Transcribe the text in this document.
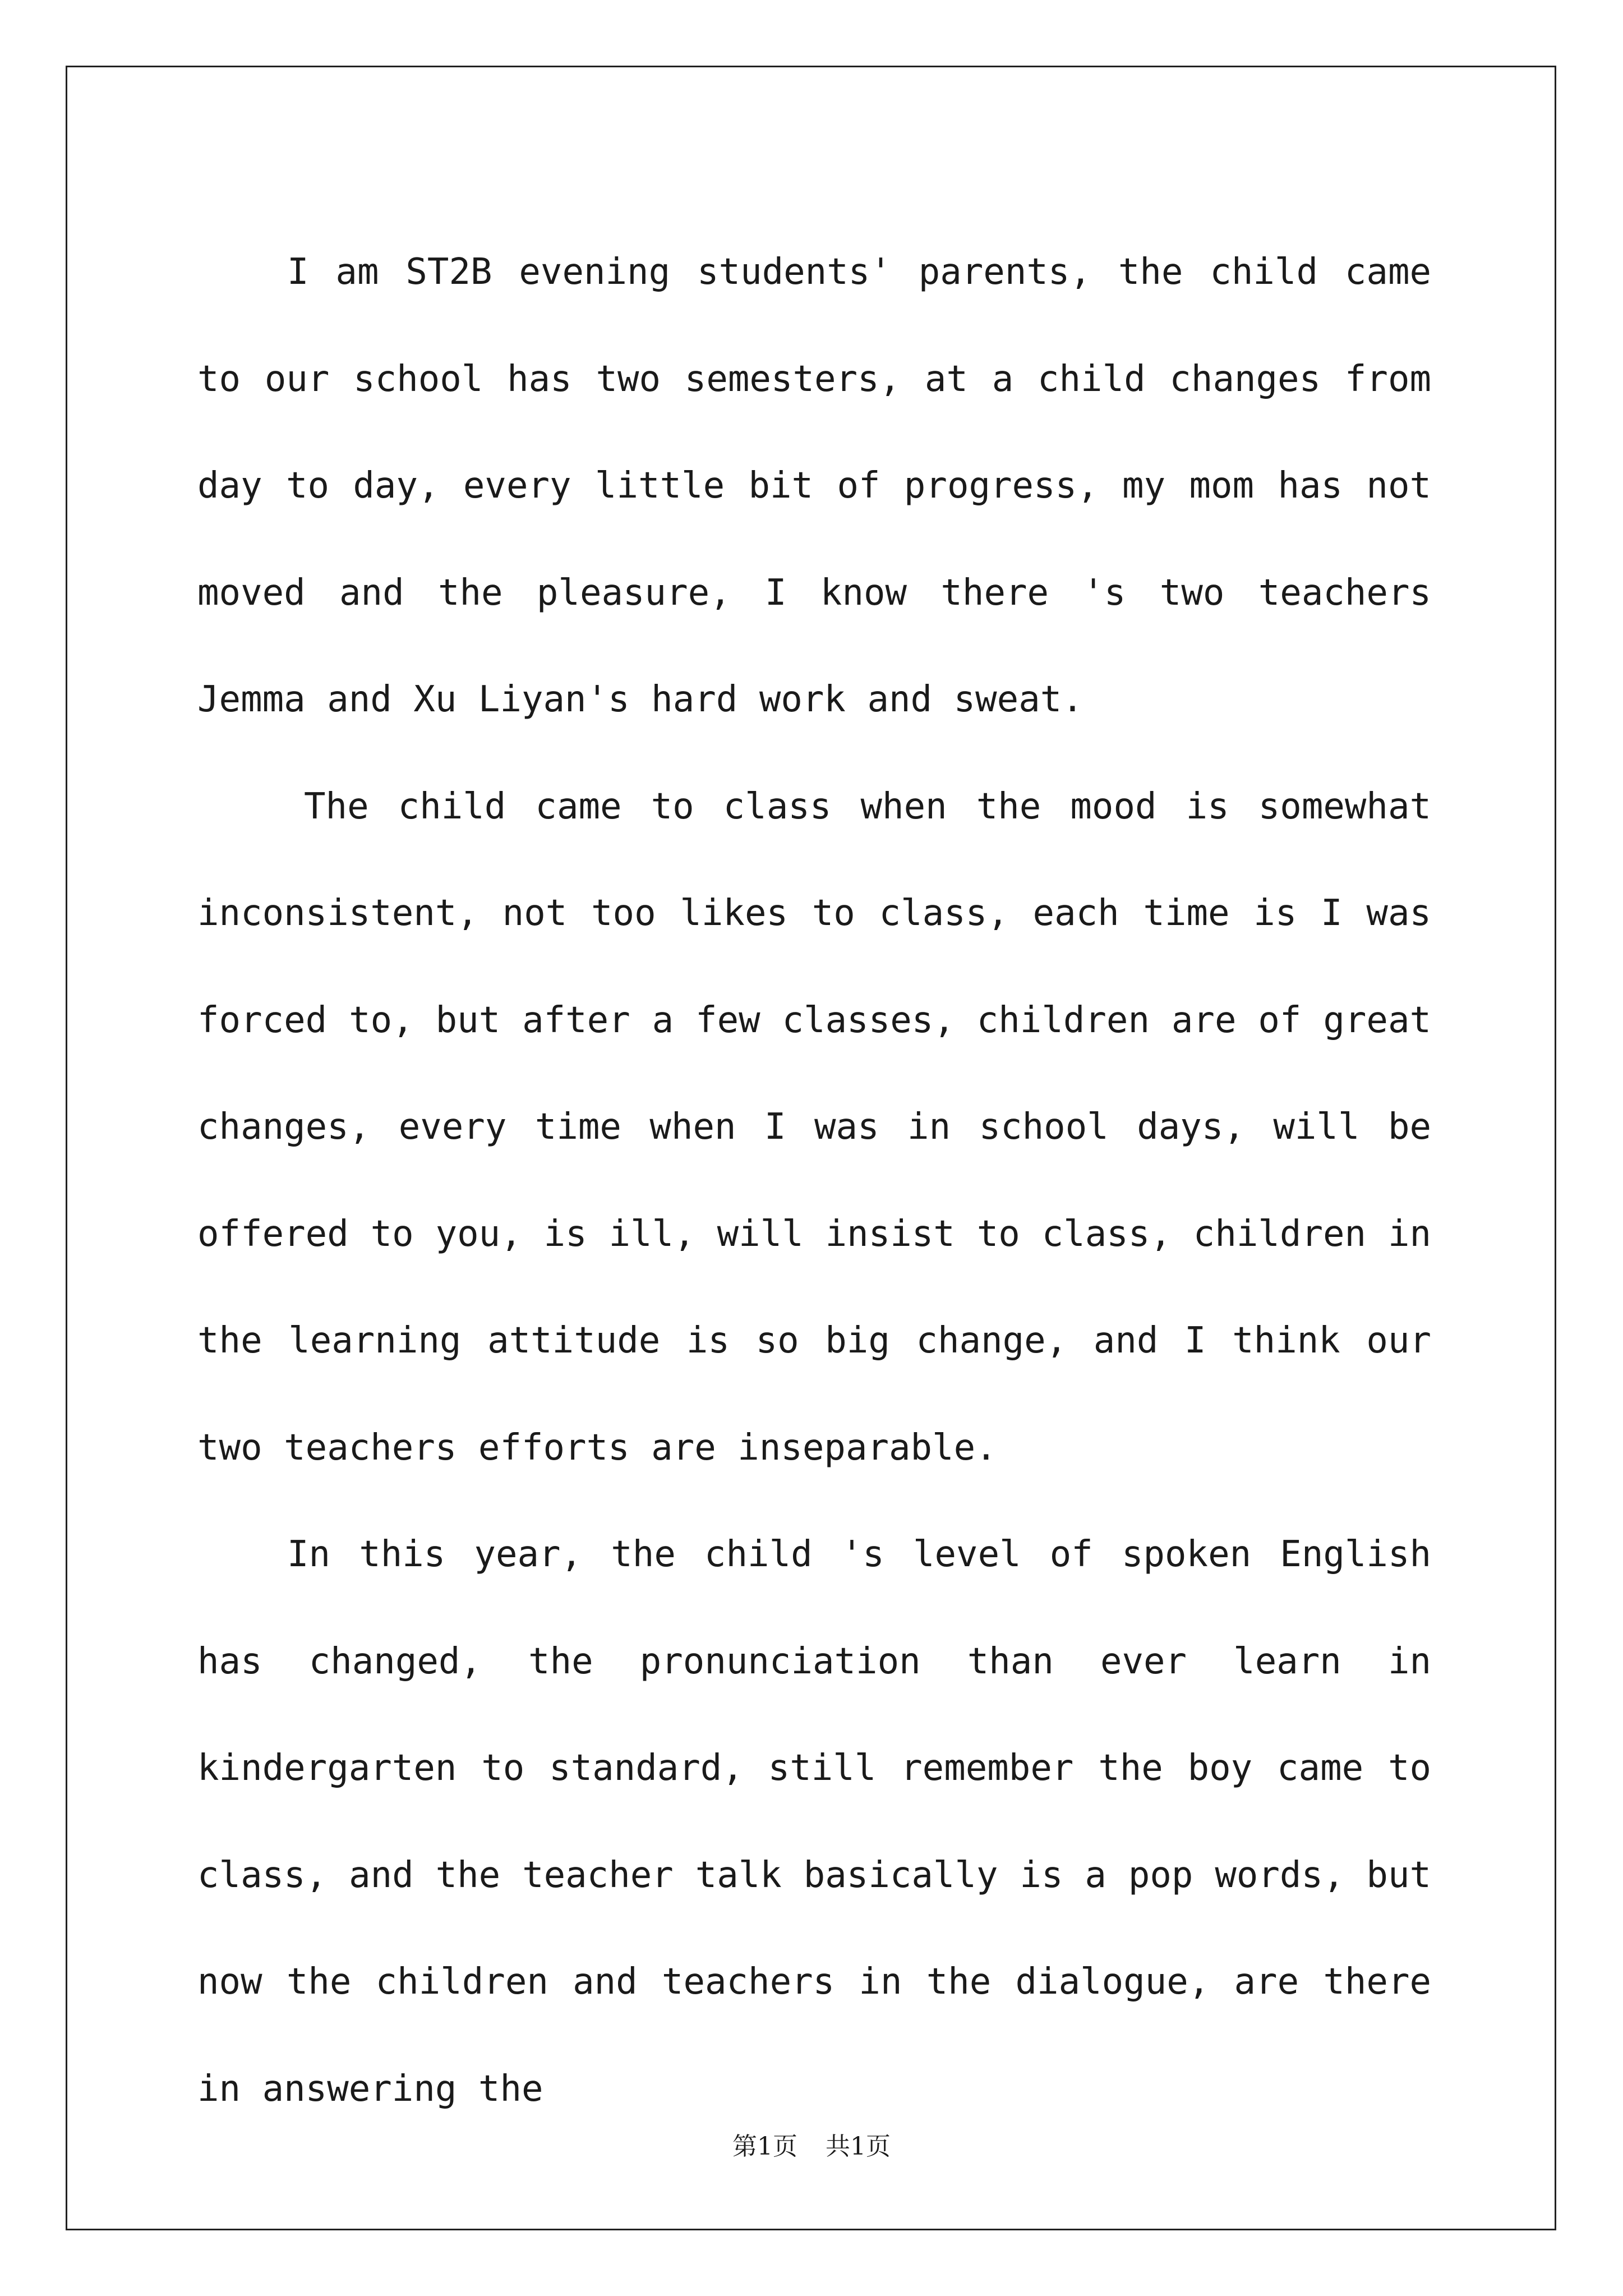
I am ST2B evening students' parents, the child came to our school has two semesters, at a child changes from day to day, every little bit of progress, my mom has not moved and the pleasure, I know there 's two teachers Jemma and Xu Liyan's hard work and sweat.

The child came to class when the mood is somewhat inconsistent, not too likes to class, each time is I was forced to, but after a few classes, children are of great changes, every time when I was in school days, will be offered to you, is ill, will insist to class, children in the learning attitude is so big change, and I think our two teachers efforts are inseparable.

In this year, the child 's level of spoken English has changed, the pronunciation than ever learn in kindergarten to standard, still remember the boy came to class, and the teacher talk basically is a pop words, but now the children and teachers in the dialogue, are there in answering the

第1页 共1页
